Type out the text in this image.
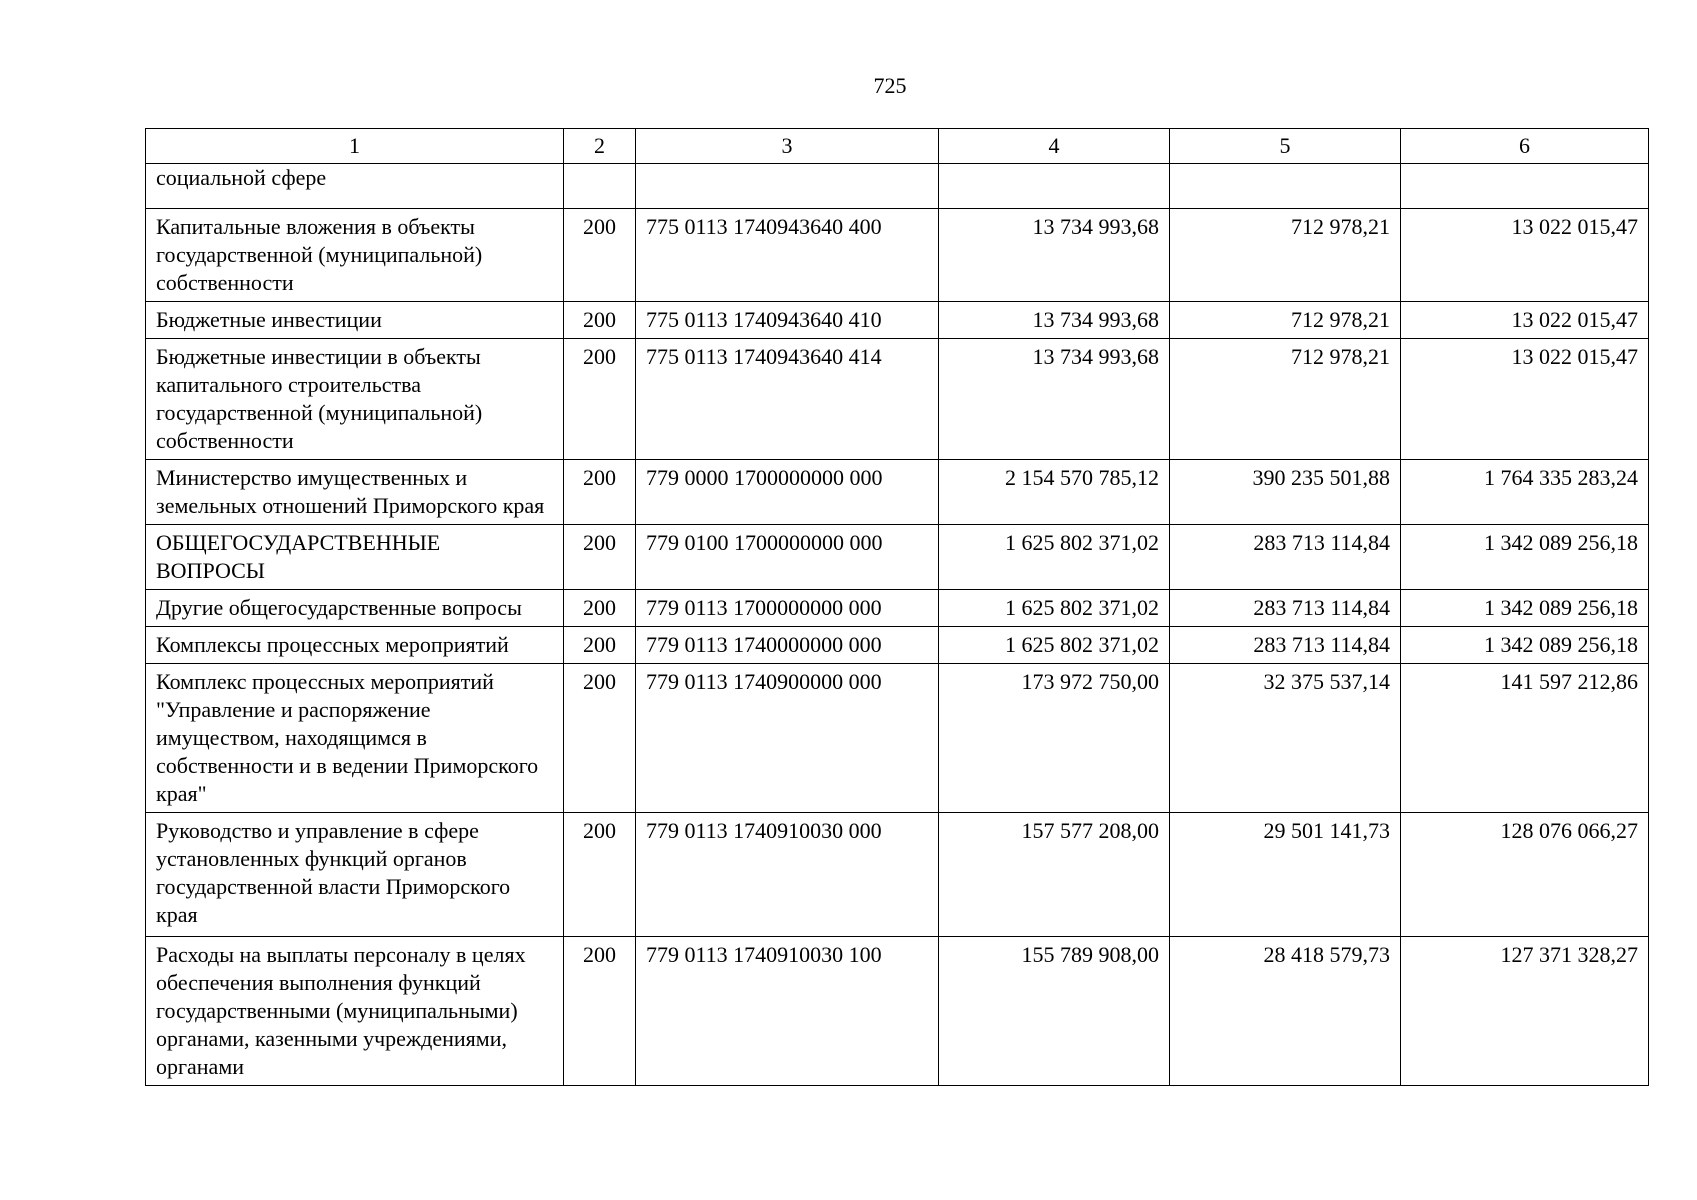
725
1	2	3	4	5	6
социальной сфере					
Капитальные вложения в объекты государственной (муниципальной) собственности	200	775 0113 1740943640 400	13 734 993,68	712 978,21	13 022 015,47
Бюджетные инвестиции	200	775 0113 1740943640 410	13 734 993,68	712 978,21	13 022 015,47
Бюджетные инвестиции в объекты капитального строительства государственной (муниципальной) собственности	200	775 0113 1740943640 414	13 734 993,68	712 978,21	13 022 015,47
Министерство имущественных и земельных отношений Приморского края	200	779 0000 1700000000 000	2 154 570 785,12	390 235 501,88	1 764 335 283,24
ОБЩЕГОСУДАРСТВЕННЫЕ ВОПРОСЫ	200	779 0100 1700000000 000	1 625 802 371,02	283 713 114,84	1 342 089 256,18
Другие общегосударственные вопросы	200	779 0113 1700000000 000	1 625 802 371,02	283 713 114,84	1 342 089 256,18
Комплексы процессных мероприятий	200	779 0113 1740000000 000	1 625 802 371,02	283 713 114,84	1 342 089 256,18
Комплекс процессных мероприятий "Управление и распоряжение имуществом, находящимся в собственности и в ведении Приморского края"	200	779 0113 1740900000 000	173 972 750,00	32 375 537,14	141 597 212,86
Руководство и управление в сфере установленных функций органов государственной власти Приморского края	200	779 0113 1740910030 000	157 577 208,00	29 501 141,73	128 076 066,27
Расходы на выплаты персоналу в целях обеспечения выполнения функций государственными (муниципальными) органами, казенными учреждениями, органами	200	779 0113 1740910030 100	155 789 908,00	28 418 579,73	127 371 328,27
